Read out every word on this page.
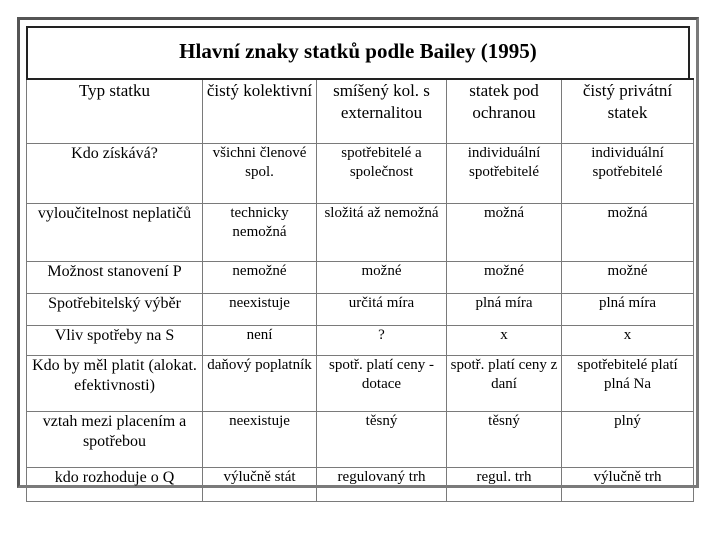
Hlavní znaky statků podle Bailey (1995)
Typ statku	čistý kolektivní	smíšený kol. s externalitou	statek pod ochranou	čistý privátní statek
Kdo získává?	všichni členové spol.	spotřebitelé a společnost	individuální spotřebitelé	individuální spotřebitelé
vyloučitelnost neplatičů	technicky nemožná	složitá až nemožná	možná	možná
Možnost stanovení P	nemožné	možné	možné	možné
Spotřebitelský výběr	neexistuje	určitá míra	plná míra	plná míra
Vliv spotřeby na S	není	?	x	x
Kdo by měl platit (alokat. efektivnosti)	daňový poplatník	spotř. platí ceny - dotace	spotř. platí ceny z daní	spotřebitelé platí plná Na
vztah mezi placením a spotřebou	neexistuje	těsný	těsný	plný
kdo rozhoduje o Q	výlučně stát	regulovaný trh	regul. trh	výlučně trh
